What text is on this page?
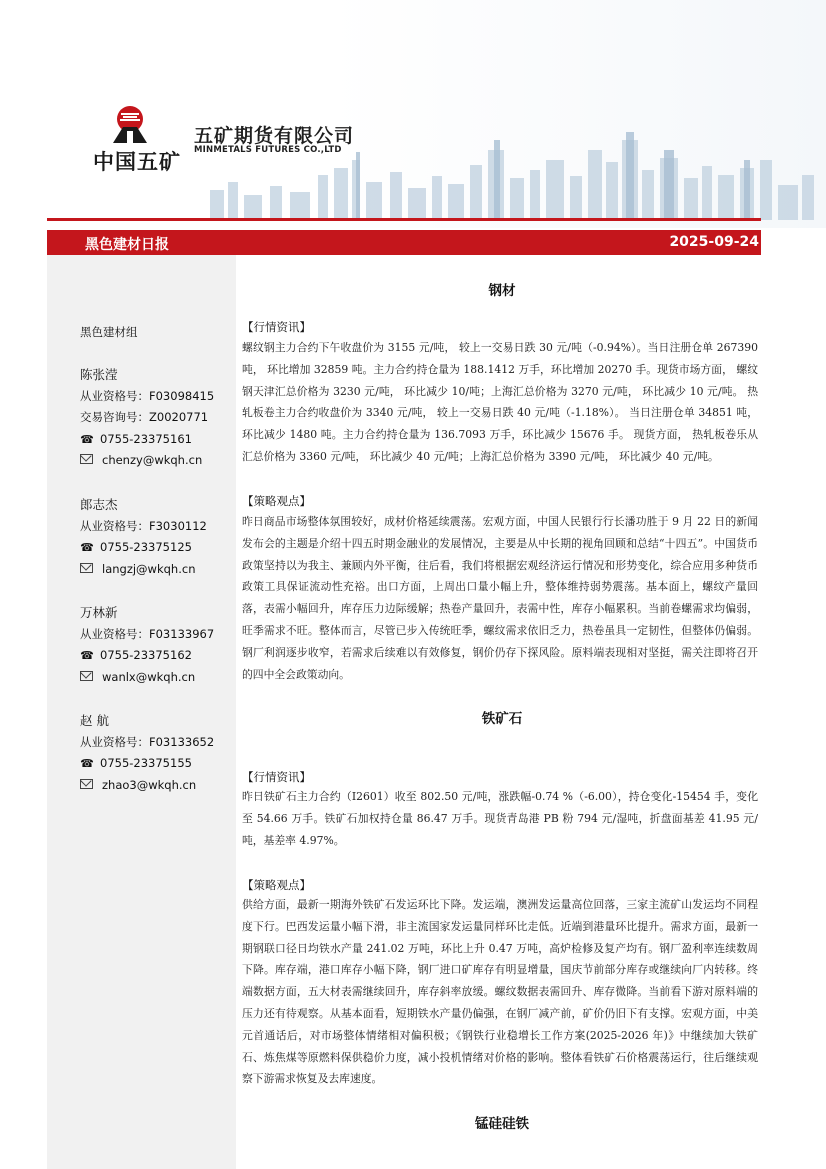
中国五矿
五矿期货有限公司
MINMETALS FUTURES CO.,LTD
黑色建材日报	2025-09-24
黑色建材组
陈张滢
从业资格号：F03098415
交易咨询号：Z0020771
☎ 0755-23375161
chenzy@wkqh.cn
郎志杰
从业资格号：F3030112
☎ 0755-23375125
langzj@wkqh.cn
万林新
从业资格号：F03133967
☎ 0755-23375162
wanlx@wkqh.cn
赵 航
从业资格号：F03133652
☎ 0755-23375155
zhao3@wkqh.cn
钢材
【行情资讯】
螺纹钢主力合约下午收盘价为 3155 元/吨， 较上一交易日跌 30 元/吨（-0.94%）。当日注册仓单 267390 吨， 环比增加 32859 吨。主力合约持仓量为 188.1412 万手，环比增加 20270 手。现货市场方面， 螺纹钢天津汇总价格为 3230 元/吨， 环比减少 10/吨；上海汇总价格为 3270 元/吨， 环比减少 10 元/吨。 热轧板卷主力合约收盘价为 3340 元/吨， 较上一交易日跌 40 元/吨（-1.18%）。 当日注册仓单 34851 吨， 环比减少 1480 吨。主力合约持仓量为 136.7093 万手，环比减少 15676 手。 现货方面， 热轧板卷乐从汇总价格为 3360 元/吨， 环比减少 40 元/吨；上海汇总价格为 3390 元/吨， 环比减少 40 元/吨。
【策略观点】
昨日商品市场整体氛围较好，成材价格延续震荡。宏观方面，中国人民银行行长潘功胜于 9 月 22 日的新闻发布会的主题是介绍十四五时期金融业的发展情况，主要是从中长期的视角回顾和总结“十四五”。中国货币政策坚持以为我主、兼顾内外平衡，往后看，我们将根据宏观经济运行情况和形势变化，综合应用多种货币政策工具保证流动性充裕。出口方面，上周出口量小幅上升，整体维持弱势震荡。基本面上，螺纹产量回落，表需小幅回升，库存压力边际缓解；热卷产量回升，表需中性，库存小幅累积。当前卷螺需求均偏弱，旺季需求不旺。整体而言，尽管已步入传统旺季，螺纹需求依旧乏力，热卷虽具一定韧性，但整体仍偏弱。钢厂利润逐步收窄，若需求后续难以有效修复，钢价仍存下探风险。原料端表现相对坚挺，需关注即将召开的四中全会政策动向。
铁矿石
【行情资讯】
昨日铁矿石主力合约（I2601）收至 802.50 元/吨，涨跌幅-0.74 %（-6.00），持仓变化-15454 手，变化至 54.66 万手。铁矿石加权持仓量 86.47 万手。现货青岛港 PB 粉 794 元/湿吨，折盘面基差 41.95 元/吨，基差率 4.97%。
【策略观点】
供给方面，最新一期海外铁矿石发运环比下降。发运端，澳洲发运量高位回落，三家主流矿山发运均不同程度下行。巴西发运量小幅下滑，非主流国家发运量同样环比走低。近端到港量环比提升。需求方面，最新一期钢联口径日均铁水产量 241.02 万吨，环比上升 0.47 万吨，高炉检修及复产均有。钢厂盈利率连续数周下降。库存端，港口库存小幅下降，钢厂进口矿库存有明显增量，国庆节前部分库存或继续向厂内转移。终端数据方面，五大材表需继续回升，库存斜率放缓。螺纹数据表需回升、库存微降。当前看下游对原料端的压力还有待观察。从基本面看，短期铁水产量仍偏强，在钢厂减产前，矿价仍旧下有支撑。宏观方面，中美元首通话后，对市场整体情绪相对偏积极；《钢铁行业稳增长工作方案(2025-2026 年)》中继续加大铁矿石、炼焦煤等原燃料保供稳价力度，减小投机情绪对价格的影响。整体看铁矿石价格震荡运行，往后继续观察下游需求恢复及去库速度。
锰硅硅铁
